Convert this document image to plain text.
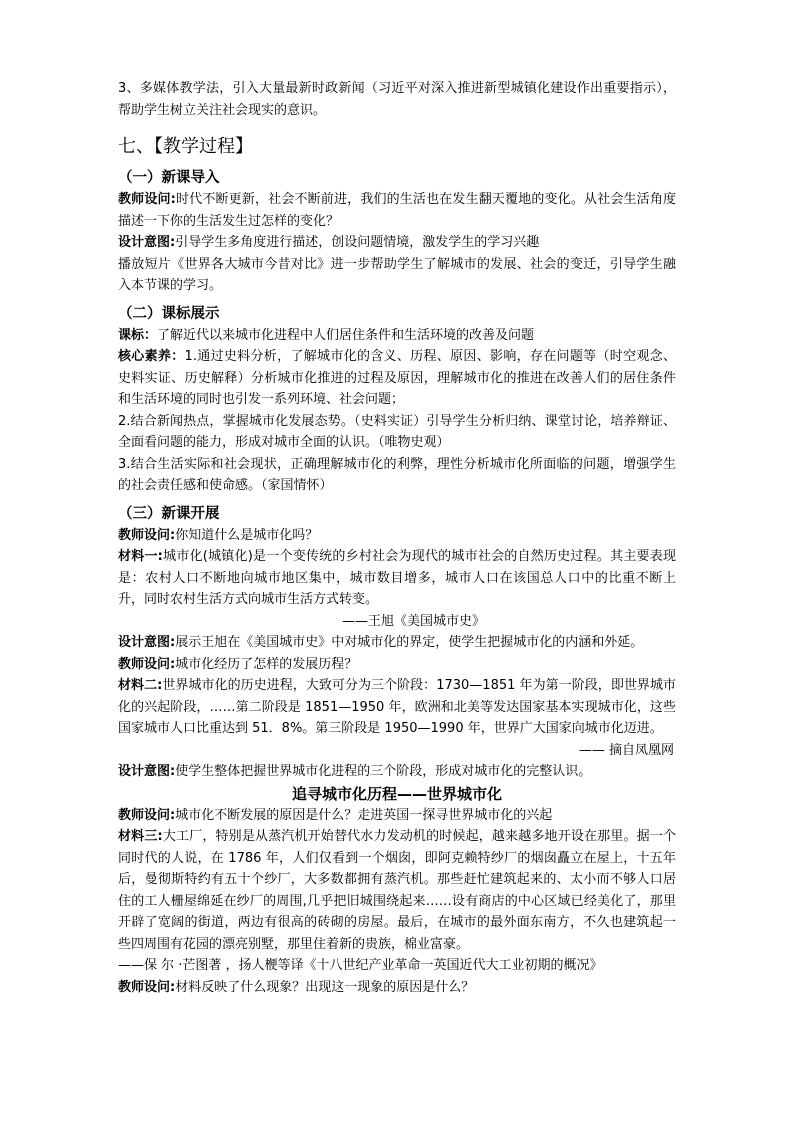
3、多媒体教学法，引入大量最新时政新闻（习近平对深入推进新型城镇化建设作出重要指示），帮助学生树立关注社会现实的意识。

七、【教学过程】
（一）新课导入

教师设问:时代不断更新，社会不断前进，我们的生活也在发生翻天覆地的变化。从社会生活角度描述一下你的生活发生过怎样的变化？

设计意图:引导学生多角度进行描述，创设问题情境，激发学生的学习兴趣

播放短片《世界各大城市今昔对比》进一步帮助学生了解城市的发展、社会的变迁，引导学生融入本节课的学习。

（二）课标展示

课标：了解近代以来城市化进程中人们居住条件和生活环境的改善及问题

核心素养：1.通过史料分析，了解城市化的含义、历程、原因、影响，存在问题等（时空观念、史料实证、历史解释）分析城市化推进的过程及原因，理解城市化的推进在改善人们的居住条件和生活环境的同时也引发一系列环境、社会问题；

2.结合新闻热点，掌握城市化发展态势。（史料实证）引导学生分析归纳、课堂讨论，培养辩证、全面看问题的能力，形成对城市全面的认识。（唯物史观）

3.结合生活实际和社会现状，正确理解城市化的利弊，理性分析城市化所面临的问题，增强学生的社会责任感和使命感。（家国情怀）

（三）新课开展

教师设问:你知道什么是城市化吗？

材料一:城市化(城镇化)是一个变传统的乡村社会为现代的城市社会的自然历史过程。其主要表现是：农村人口不断地向城市地区集中，城市数目增多，城市人口在该国总人口中的比重不断上升，同时农村生活方式向城市生活方式转变。

——王旭《美国城市史》

设计意图:展示王旭在《美国城市史》中对城市化的界定，使学生把握城市化的内涵和外延。

教师设问:城市化经历了怎样的发展历程？

材料二:世界城市化的历史进程，大致可分为三个阶段：1730—1851 年为第一阶段，即世界城市化的兴起阶段，……第二阶段是 1851—1950 年，欧洲和北美等发达国家基本实现城市化，这些国家城市人口比重达到 51．8%。第三阶段是 1950—1990 年，世界广大国家向城市化迈进。

—— 摘自凤凰网

设计意图:使学生整体把握世界城市化进程的三个阶段，形成对城市化的完整认识。

追寻城市化历程——世界城市化

教师设问:城市化不断发展的原因是什么？走进英国一探寻世界城市化的兴起

材料三:大工厂，特别是从蒸汽机开始替代水力发动机的时候起，越来越多地开设在那里。据一个同时代的人说，在 1786 年，人们仅看到一个烟囱，即阿克赖特纱厂的烟囱矗立在屋上，十五年后，曼彻斯特约有五十个纱厂，大多数都拥有蒸汽机。那些赶忙建筑起来的、太小而不够人口居住的工人栅屋绵延在纱厂的周围,几乎把旧城围绕起来……设有商店的中心区域已经美化了，那里开辟了宽阔的街道，两边有很高的砖砌的房屋。最后，在城市的最外面东南方，不久也建筑起一些四周围有花园的漂亮别墅，那里住着新的贵族，棉业富豪。

——保 尔 ·芒图著 ，扬人楩等译《十八世纪产业革命一英国近代大工业初期的概况》

教师设问:材料反映了什么现象？出现这一现象的原因是什么？
